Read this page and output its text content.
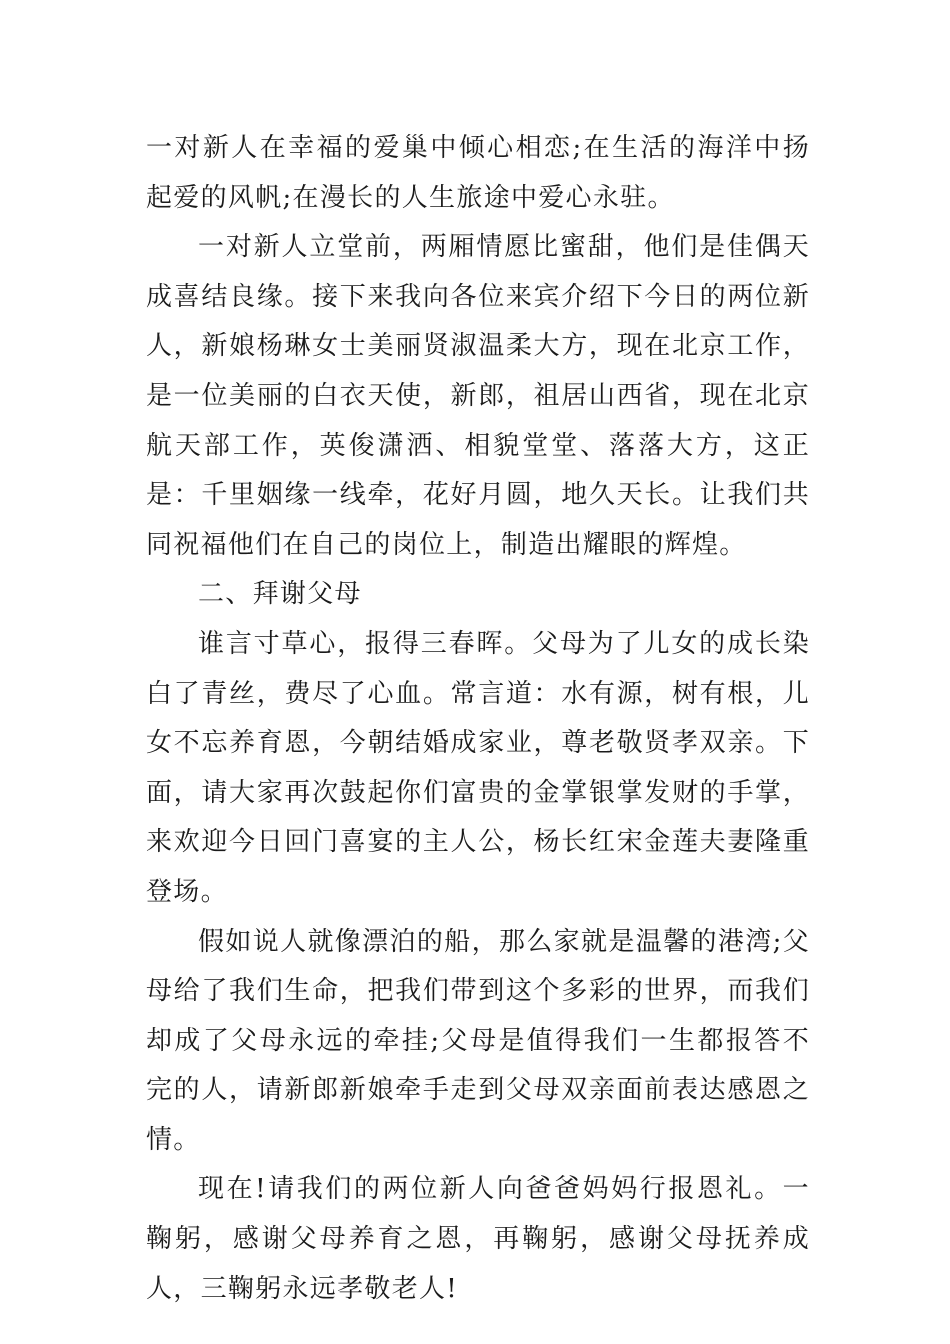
一对新人在幸福的爱巢中倾心相恋;在生活的海洋中扬起爱的风帆;在漫长的人生旅途中爱心永驻。

一对新人立堂前，两厢情愿比蜜甜，他们是佳偶天成喜结良缘。接下来我向各位来宾介绍下今日的两位新人，新娘杨琳女士美丽贤淑温柔大方，现在北京工作，是一位美丽的白衣天使，新郎，祖居山西省，现在北京航天部工作，英俊潇洒、相貌堂堂、落落大方，这正是：千里姻缘一线牵，花好月圆，地久天长。让我们共同祝福他们在自己的岗位上，制造出耀眼的辉煌。

二、拜谢父母

谁言寸草心，报得三春晖。父母为了儿女的成长染白了青丝，费尽了心血。常言道：水有源，树有根，儿女不忘养育恩，今朝结婚成家业，尊老敬贤孝双亲。下面，请大家再次鼓起你们富贵的金掌银掌发财的手掌，来欢迎今日回门喜宴的主人公，杨长红宋金莲夫妻隆重登场。

假如说人就像漂泊的船，那么家就是温馨的港湾;父母给了我们生命，把我们带到这个多彩的世界，而我们却成了父母永远的牵挂;父母是值得我们一生都报答不完的人，请新郎新娘牵手走到父母双亲面前表达感恩之情。

现在!请我们的两位新人向爸爸妈妈行报恩礼。一鞠躬，感谢父母养育之恩，再鞠躬，感谢父母抚养成人，三鞠躬永远孝敬老人!
